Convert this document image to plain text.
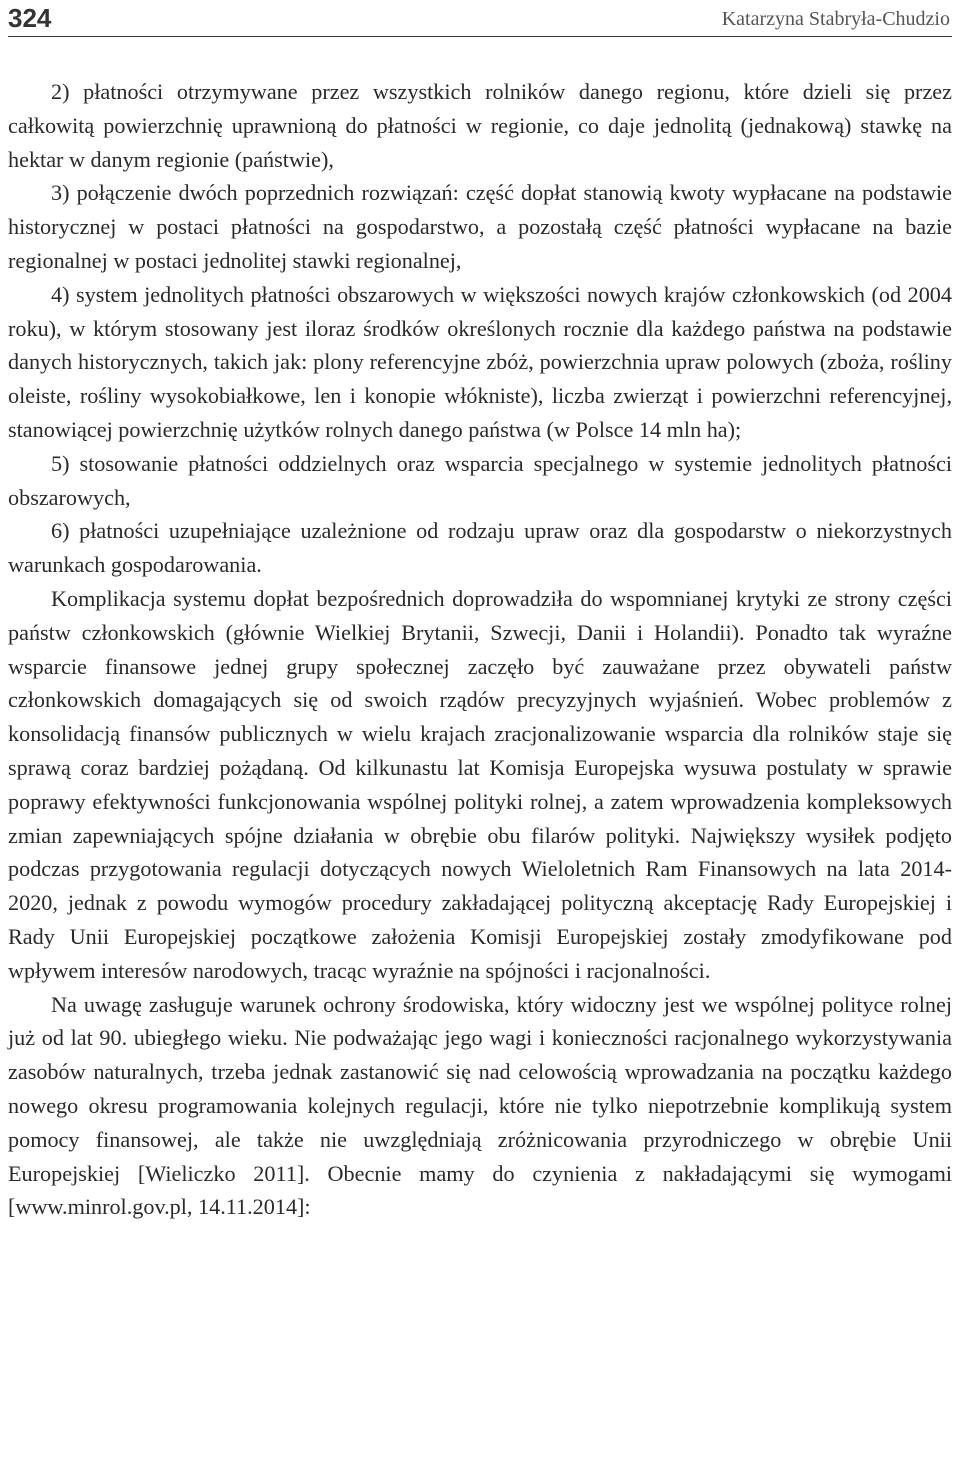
324	Katarzyna Stabryła-Chudzio

2) płatności otrzymywane przez wszystkich rolników danego regionu, które dzieli się przez całkowitą powierzchnię uprawnioną do płatności w regionie, co daje jednolitą (jednakową) stawkę na hektar w danym regionie (państwie),

3) połączenie dwóch poprzednich rozwiązań: część dopłat stanowią kwoty wypłacane na podstawie historycznej w postaci płatności na gospodarstwo, a pozostałą część płatności wypłacane na bazie regionalnej w postaci jednolitej stawki regionalnej,

4) system jednolitych płatności obszarowych w większości nowych krajów członkowskich (od 2004 roku), w którym stosowany jest iloraz środków określonych rocznie dla każdego państwa na podstawie danych historycznych, takich jak: plony referencyjne zbóż, powierzchnia upraw polowych (zboża, rośliny oleiste, rośliny wysokobiałkowe, len i konopie włókniste), liczba zwierząt i powierzchni referencyjnej, stanowiącej powierzchnię użytków rolnych danego państwa (w Polsce 14 mln ha);

5) stosowanie płatności oddzielnych oraz wsparcia specjalnego w systemie jednolitych płatności obszarowych,

6) płatności uzupełniające uzależnione od rodzaju upraw oraz dla gospodarstw o niekorzystnych warunkach gospodarowania.

Komplikacja systemu dopłat bezpośrednich doprowadziła do wspomnianej krytyki ze strony części państw członkowskich (głównie Wielkiej Brytanii, Szwecji, Danii i Holandii). Ponadto tak wyraźne wsparcie finansowe jednej grupy społecznej zaczęło być zauważane przez obywateli państw członkowskich domagających się od swoich rządów precyzyjnych wyjaśnień. Wobec problemów z konsolidacją finansów publicznych w wielu krajach zracjonalizowanie wsparcia dla rolników staje się sprawą coraz bardziej pożądaną. Od kilkunastu lat Komisja Europejska wysuwa postulaty w sprawie poprawy efektywności funkcjonowania wspólnej polityki rolnej, a zatem wprowadzenia kompleksowych zmian zapewniających spójne działania w obrębie obu filarów polityki. Największy wysiłek podjęto podczas przygotowania regulacji dotyczących nowych Wieloletnich Ram Finansowych na lata 2014-2020, jednak z powodu wymogów procedury zakładającej polityczną akceptację Rady Europejskiej i Rady Unii Europejskiej początkowe założenia Komisji Europejskiej zostały zmodyfikowane pod wpływem interesów narodowych, tracąc wyraźnie na spójności i racjonalności.

Na uwagę zasługuje warunek ochrony środowiska, który widoczny jest we wspólnej polityce rolnej już od lat 90. ubiegłego wieku. Nie podważając jego wagi i konieczności racjonalnego wykorzystywania zasobów naturalnych, trzeba jednak zastanowić się nad celowością wprowadzania na początku każdego nowego okresu programowania kolejnych regulacji, które nie tylko niepotrzebnie komplikują system pomocy finansowej, ale także nie uwzględniają zróżnicowania przyrodniczego w obrębie Unii Europejskiej [Wieliczko 2011]. Obecnie mamy do czynienia z nakładającymi się wymogami [www.minrol.gov.pl, 14.11.2014]:
